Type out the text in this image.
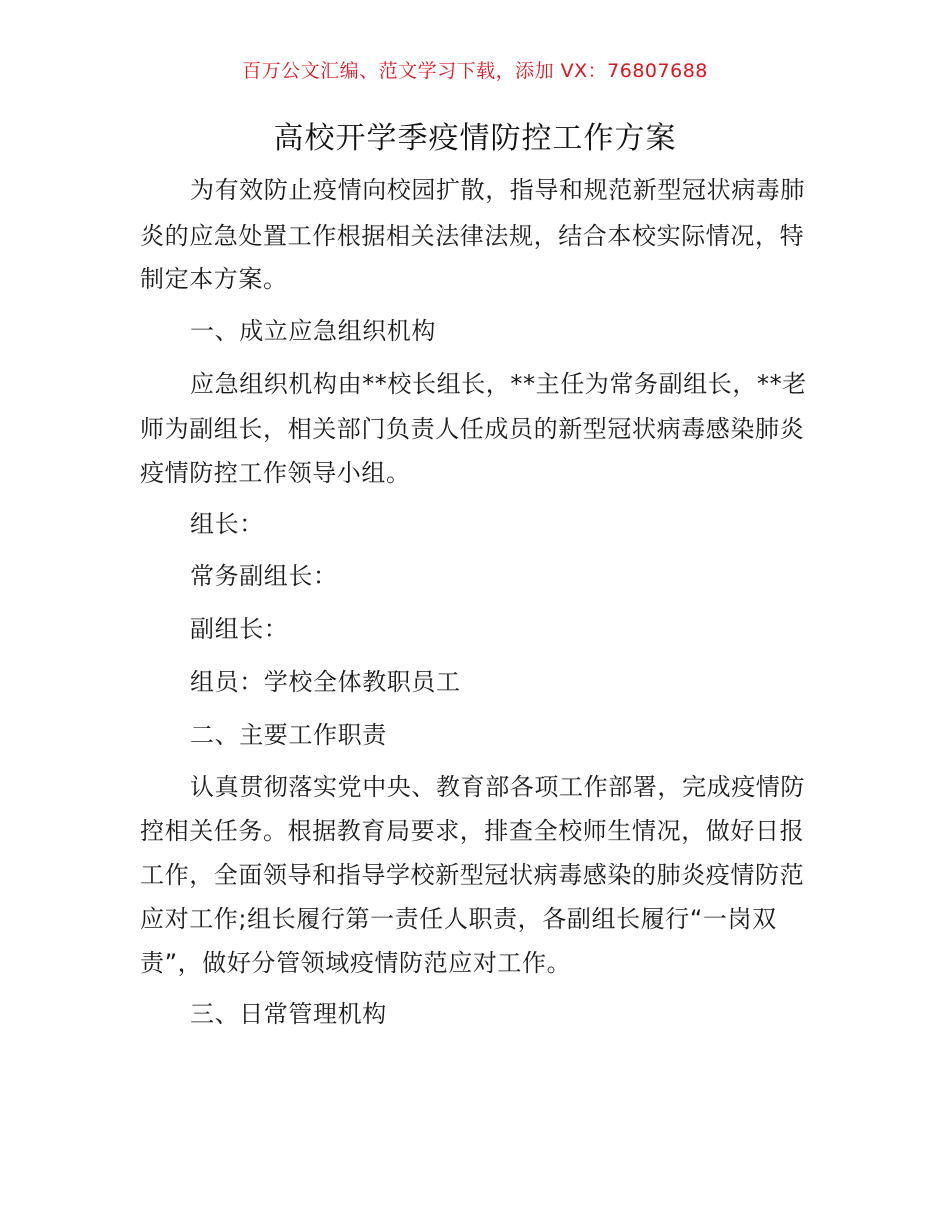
百万公文汇编、范文学习下载，添加 VX：76807688
高校开学季疫情防控工作方案
为有效防止疫情向校园扩散，指导和规范新型冠状病毒肺
炎的应急处置工作根据相关法律法规，结合本校实际情况，特
制定本方案。
一、成立应急组织机构
应急组织机构由**校长组长，**主任为常务副组长，**老
师为副组长，相关部门负责人任成员的新型冠状病毒感染肺炎
疫情防控工作领导小组。
组长：
常务副组长：
副组长：
组员：学校全体教职员工
二、主要工作职责
认真贯彻落实党中央、教育部各项工作部署，完成疫情防
控相关任务。根据教育局要求，排查全校师生情况，做好日报
工作，全面领导和指导学校新型冠状病毒感染的肺炎疫情防范
应对工作;组长履行第一责任人职责，各副组长履行“一岗双
责”，做好分管领域疫情防范应对工作。
三、日常管理机构
